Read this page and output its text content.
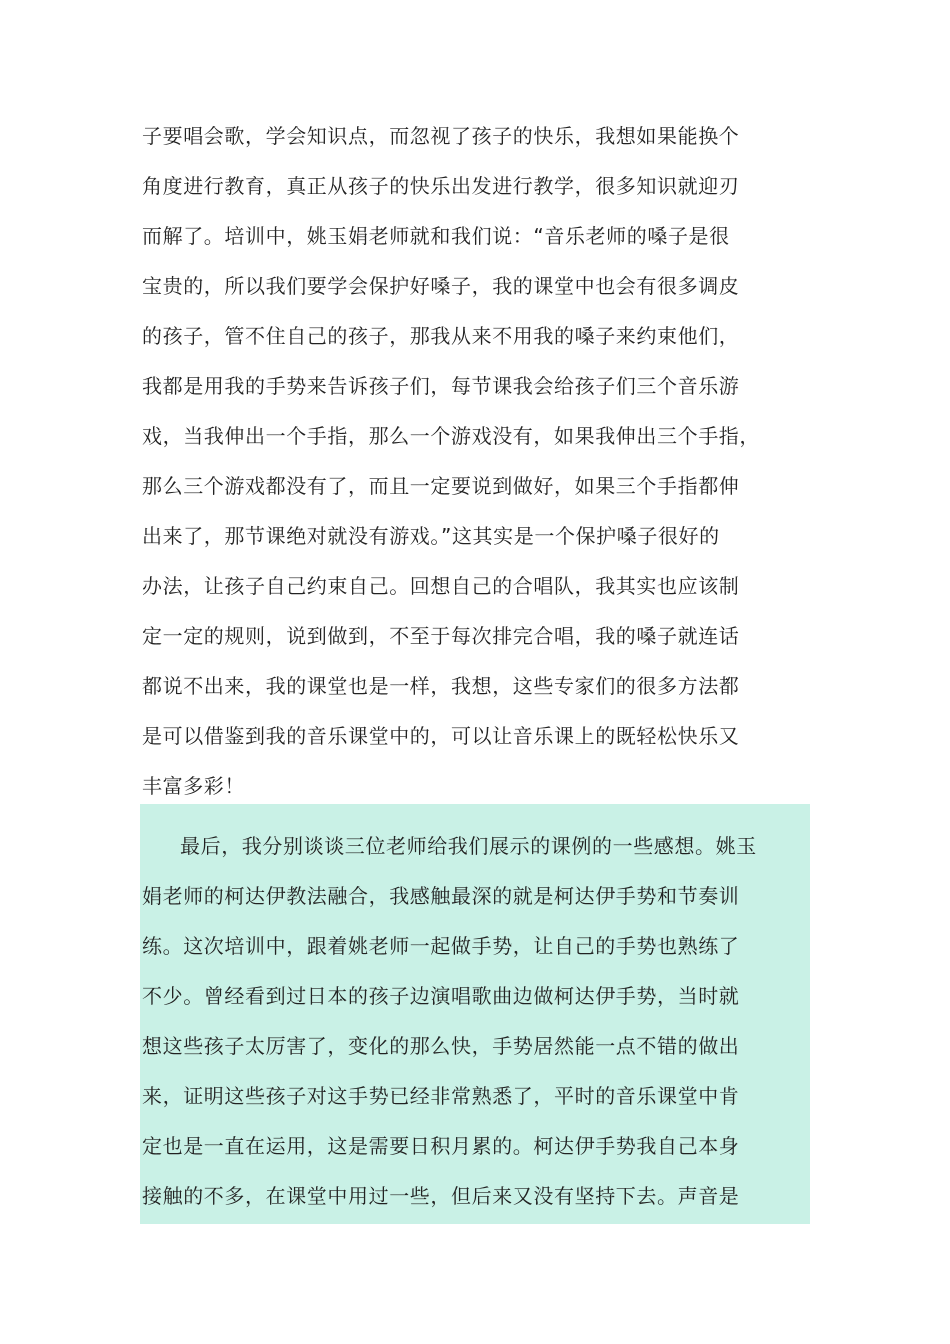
子要唱会歌，学会知识点，而忽视了孩子的快乐，我想如果能换个
角度进行教育，真正从孩子的快乐出发进行教学，很多知识就迎刃
而解了。培训中，姚玉娟老师就和我们说：“音乐老师的嗓子是很
宝贵的，所以我们要学会保护好嗓子，我的课堂中也会有很多调皮
的孩子，管不住自己的孩子，那我从来不用我的嗓子来约束他们，
我都是用我的手势来告诉孩子们，每节课我会给孩子们三个音乐游
戏，当我伸出一个手指，那么一个游戏没有，如果我伸出三个手指，
那么三个游戏都没有了，而且一定要说到做好，如果三个手指都伸
出来了，那节课绝对就没有游戏。”这其实是一个保护嗓子很好的
办法，让孩子自己约束自己。回想自己的合唱队，我其实也应该制
定一定的规则，说到做到，不至于每次排完合唱，我的嗓子就连话
都说不出来，我的课堂也是一样，我想，这些专家们的很多方法都
是可以借鉴到我的音乐课堂中的，可以让音乐课上的既轻松快乐又
丰富多彩！
最后，我分别谈谈三位老师给我们展示的课例的一些感想。姚玉
娟老师的柯达伊教法融合，我感触最深的就是柯达伊手势和节奏训
练。这次培训中，跟着姚老师一起做手势，让自己的手势也熟练了
不少。曾经看到过日本的孩子边演唱歌曲边做柯达伊手势，当时就
想这些孩子太厉害了，变化的那么快，手势居然能一点不错的做出
来，证明这些孩子对这手势已经非常熟悉了，平时的音乐课堂中肯
定也是一直在运用，这是需要日积月累的。柯达伊手势我自己本身
接触的不多，在课堂中用过一些，但后来又没有坚持下去。声音是
